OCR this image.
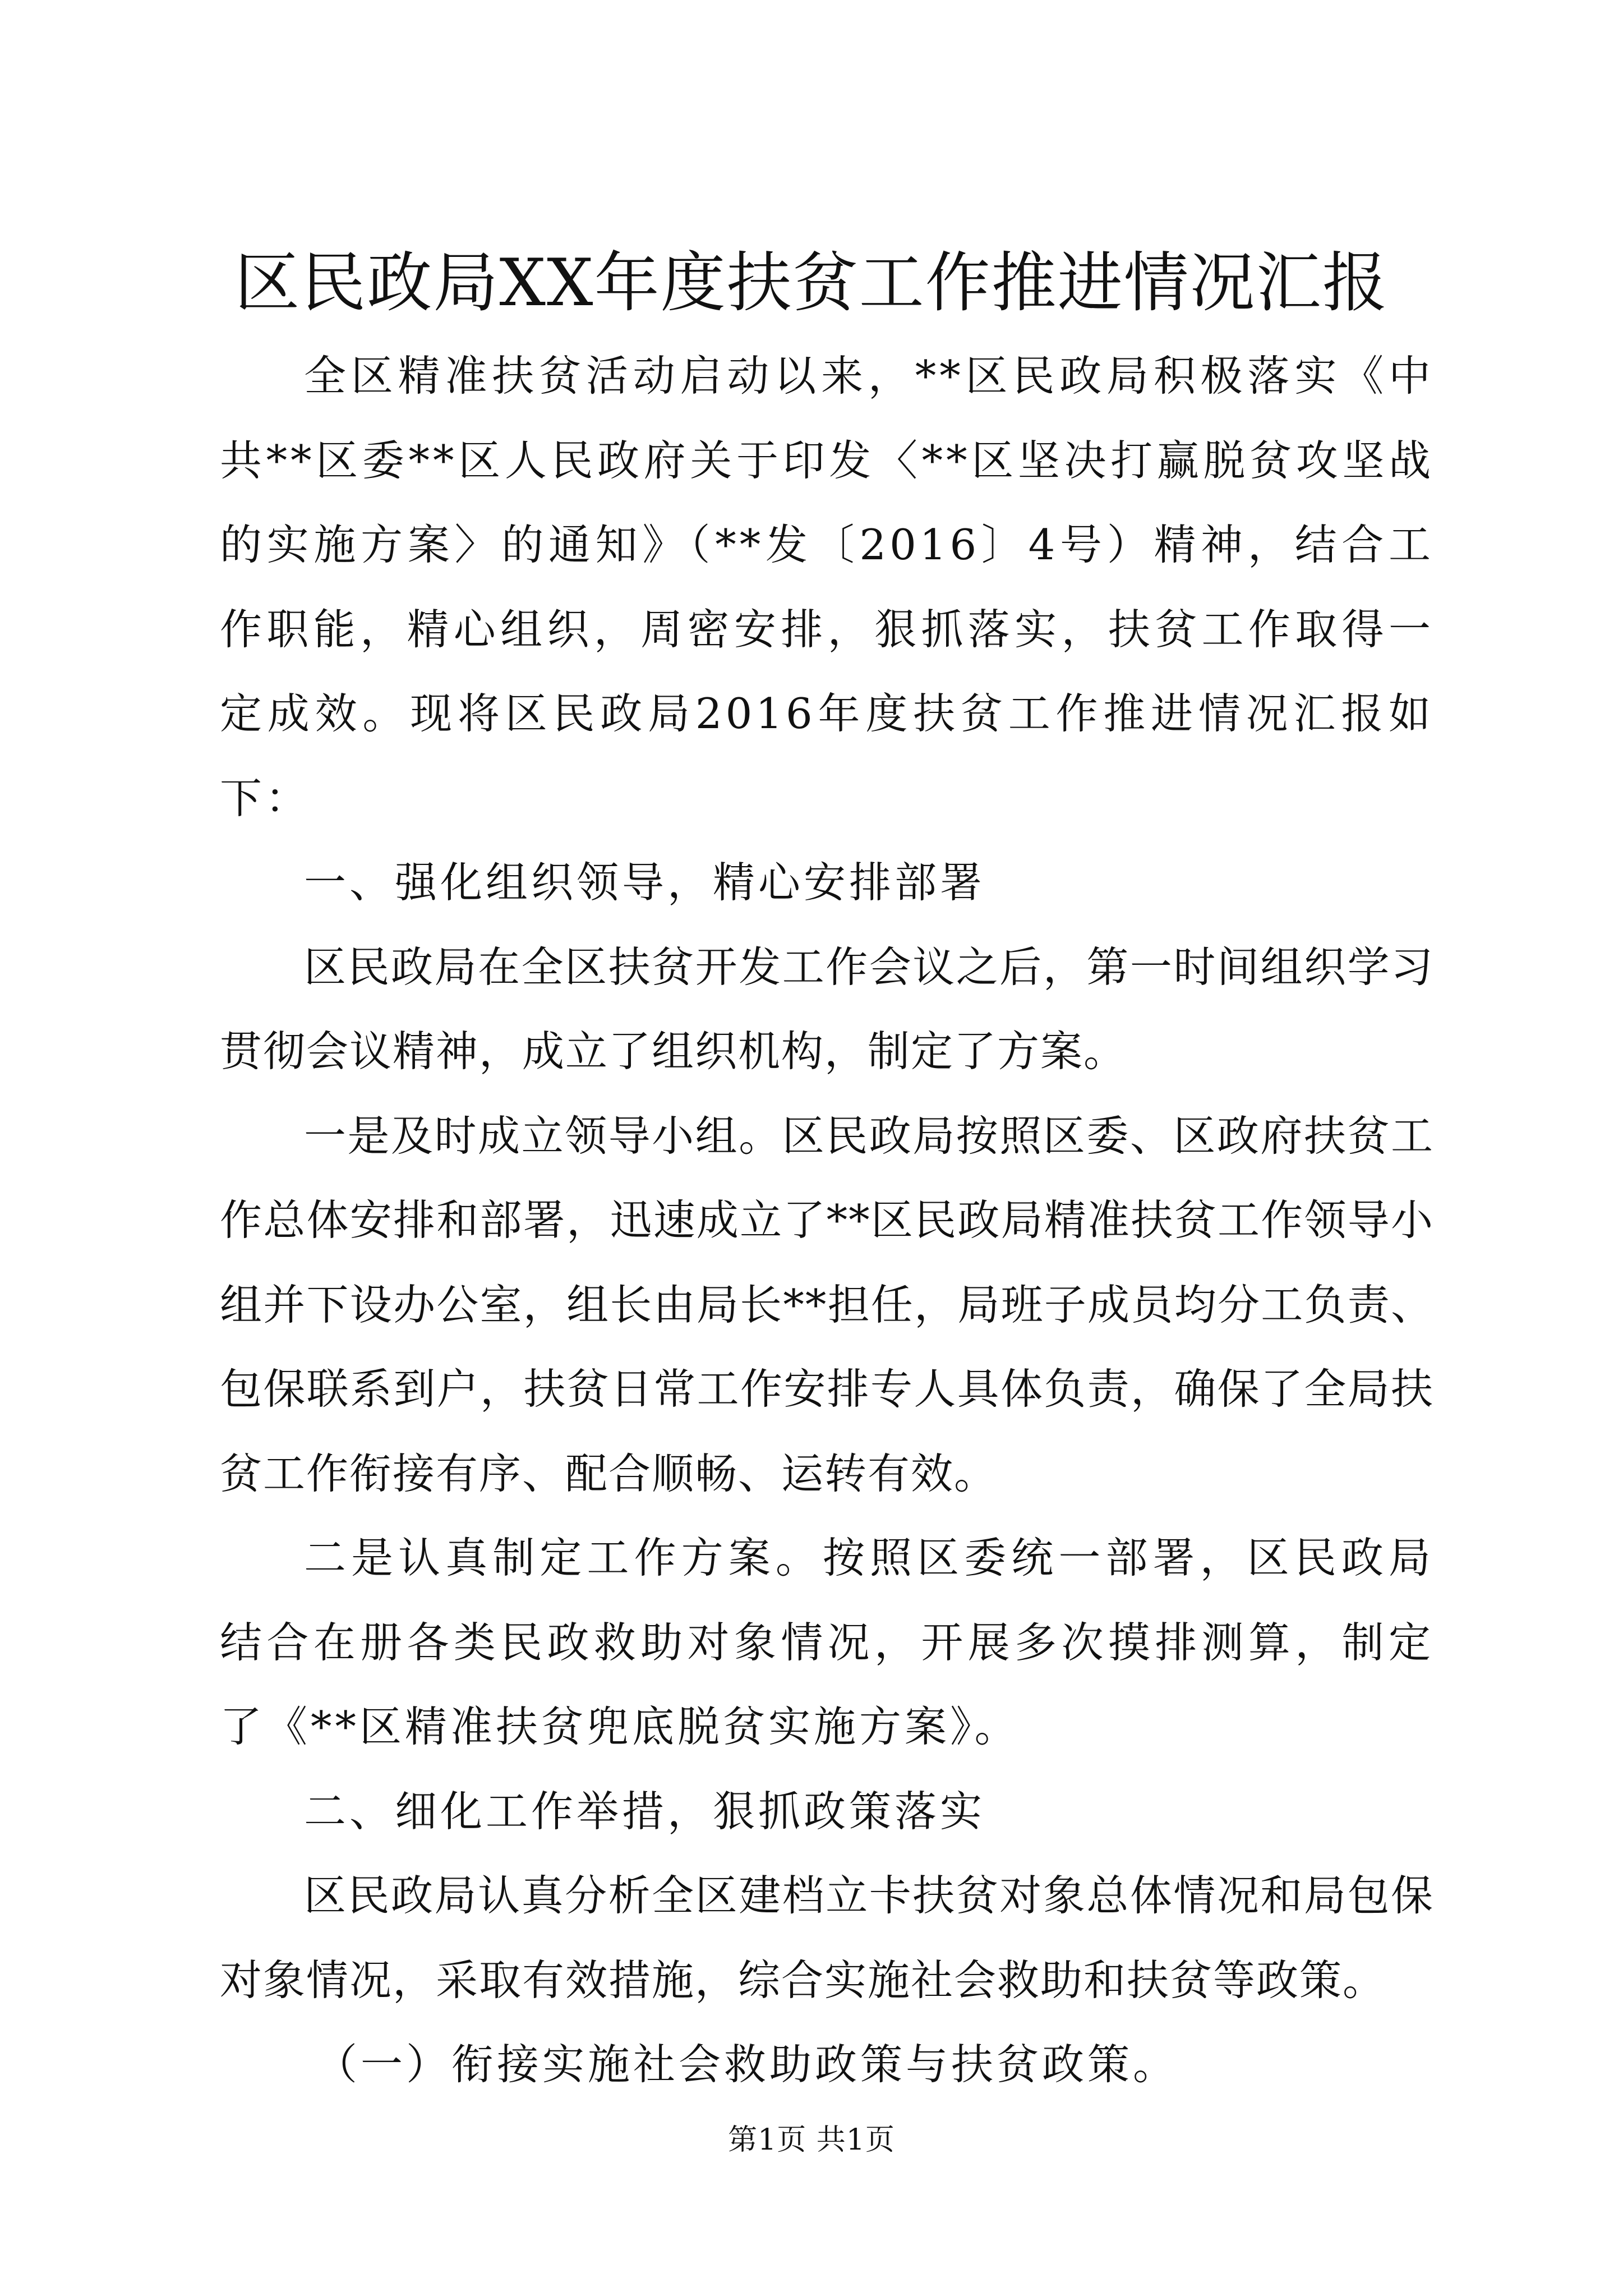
区民政局XX年度扶贫工作推进情况汇报

全区精准扶贫活动启动以来，**区民政局积极落实《中共**区委**区人民政府关于印发〈**区坚决打赢脱贫攻坚战的实施方案〉的通知》（**发〔2016〕4号）精神，结合工作职能，精心组织，周密安排，狠抓落实，扶贫工作取得一定成效。现将区民政局2016年度扶贫工作推进情况汇报如下：

一、强化组织领导，精心安排部署

区民政局在全区扶贫开发工作会议之后，第一时间组织学习贯彻会议精神，成立了组织机构，制定了方案。

一是及时成立领导小组。区民政局按照区委、区政府扶贫工作总体安排和部署，迅速成立了**区民政局精准扶贫工作领导小组并下设办公室，组长由局长**担任，局班子成员均分工负责、包保联系到户，扶贫日常工作安排专人具体负责，确保了全局扶贫工作衔接有序、配合顺畅、运转有效。

二是认真制定工作方案。按照区委统一部署，区民政局结合在册各类民政救助对象情况，开展多次摸排测算，制定了《**区精准扶贫兜底脱贫实施方案》。

二、细化工作举措，狠抓政策落实

区民政局认真分析全区建档立卡扶贫对象总体情况和局包保对象情况，采取有效措施，综合实施社会救助和扶贫等政策。

（一）衔接实施社会救助政策与扶贫政策。

第1页 共1页
